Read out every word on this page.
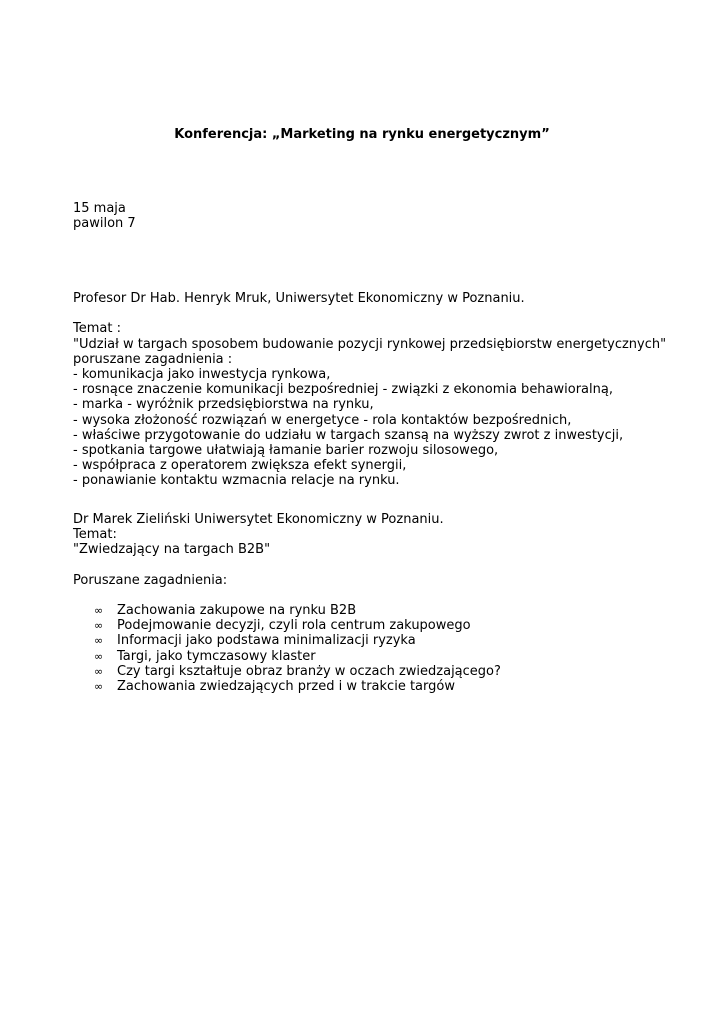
Konferencja: „Marketing na rynku energetycznym”
15 maja
pawilon 7
Profesor Dr Hab. Henryk Mruk, Uniwersytet Ekonomiczny w Poznaniu.
Temat :
"Udział w targach sposobem budowanie pozycji rynkowej przedsiębiorstw energetycznych"
poruszane zagadnienia :
- komunikacja jako inwestycja rynkowa,
- rosnące znaczenie komunikacji bezpośredniej - związki z ekonomia behawioralną,
- marka - wyróżnik przedsiębiorstwa na rynku,
- wysoka złożoność rozwiązań w energetyce - rola kontaktów bezpośrednich,
- właściwe przygotowanie do udziału w targach szansą na wyższy zwrot z inwestycji,
- spotkania targowe ułatwiają łamanie barier rozwoju silosowego,
- współpraca z operatorem zwiększa efekt synergii,
- ponawianie kontaktu wzmacnia relacje na rynku.
Dr Marek Zieliński Uniwersytet Ekonomiczny w Poznaniu.
Temat:
"Zwiedzający na targach B2B"
Poruszane zagadnienia:
∞ Zachowania zakupowe na rynku B2B
∞ Podejmowanie decyzji, czyli rola centrum zakupowego
∞ Informacji jako podstawa minimalizacji ryzyka
∞ Targi, jako tymczasowy klaster
∞ Czy targi kształtuje obraz branży w oczach zwiedzającego?
∞ Zachowania zwiedzających przed i w trakcie targów
